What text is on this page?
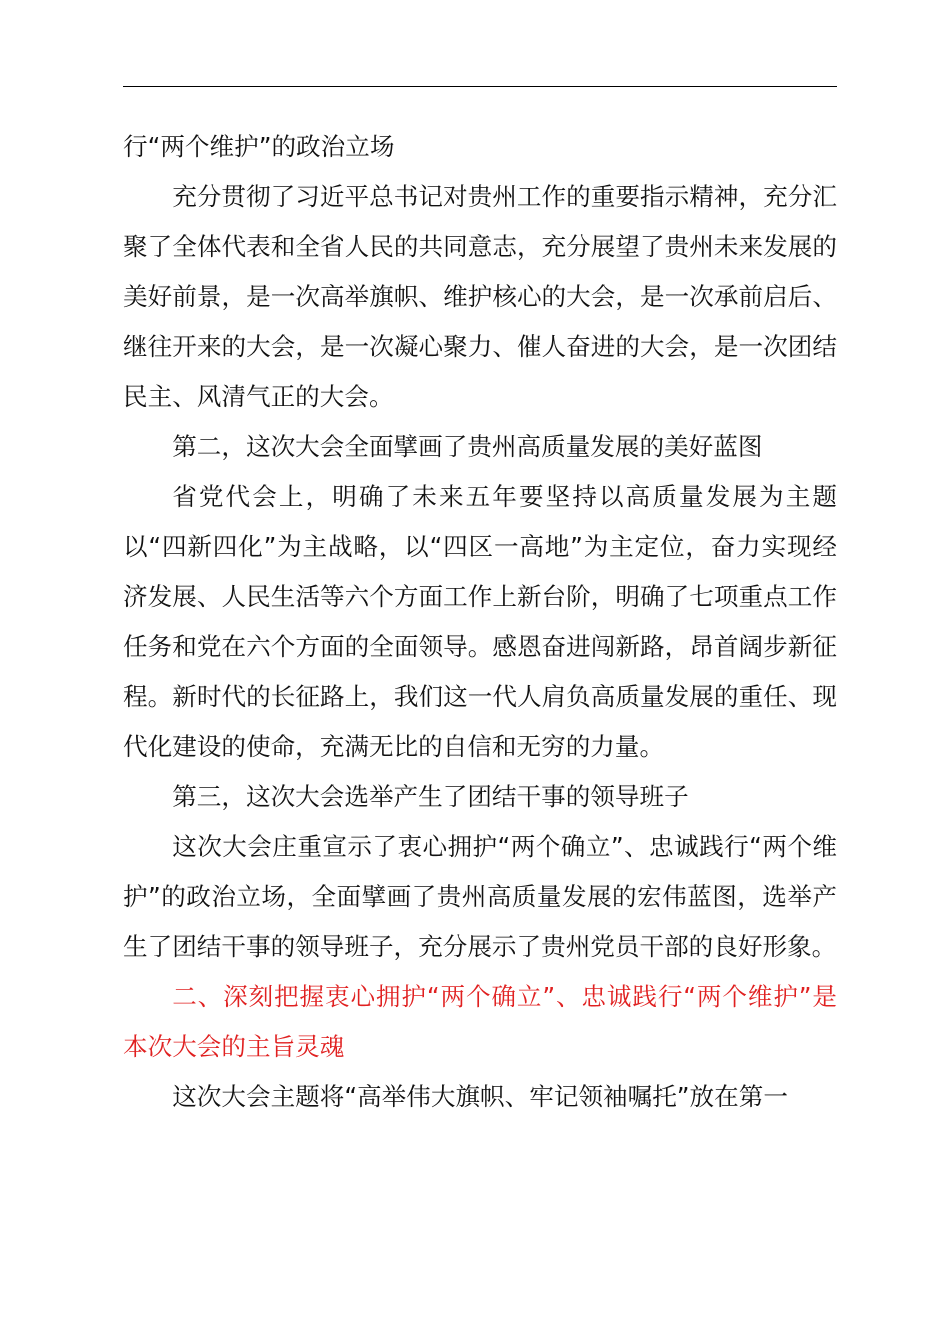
行“两个维护”的政治立场

充分贯彻了习近平总书记对贵州工作的重要指示精神，充分汇聚了全体代表和全省人民的共同意志，充分展望了贵州未来发展的美好前景，是一次高举旗帜、维护核心的大会，是一次承前启后、继往开来的大会，是一次凝心聚力、催人奋进的大会，是一次团结民主、风清气正的大会。

第二，这次大会全面擘画了贵州高质量发展的美好蓝图

省党代会上，明确了未来五年要坚持以高质量发展为主题以“四新四化”为主战略，以“四区一高地”为主定位，奋力实现经济发展、人民生活等六个方面工作上新台阶，明确了七项重点工作任务和党在六个方面的全面领导。感恩奋进闯新路，昂首阔步新征程。新时代的长征路上，我们这一代人肩负高质量发展的重任、现代化建设的使命，充满无比的自信和无穷的力量。

第三，这次大会选举产生了团结干事的领导班子

这次大会庄重宣示了衷心拥护“两个确立”、忠诚践行“两个维护”的政治立场，全面擘画了贵州高质量发展的宏伟蓝图，选举产生了团结干事的领导班子，充分展示了贵州党员干部的良好形象。

二、深刻把握衷心拥护“两个确立”、忠诚践行“两个维护”是本次大会的主旨灵魂

这次大会主题将“高举伟大旗帜、牢记领袖嘱托”放在第一
